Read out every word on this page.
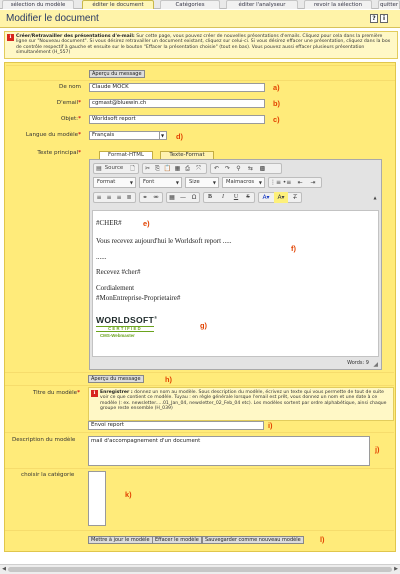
sélection du modèle	éditer le document	Catégories	éditer l'analyseur	revoir la sélection	quitter
Modifier le document	?	i
i Créer/Retravailler des présentations d'e-mail: Sur cette page, vous pouvez créer de nouvelles présentations d'emails. Cliquez pour cela dans la première ligne sur "Nouveau document". Si vous désirez retravailler un document existant, cliquez sur celui-ci. Si vous désirez effacer une présentation, cliquez dans la box de contrôle respectif à gauche et ensuite sur le bouton "Effacer la présentation choisie" (tout en bas). Vous pouvez aussi effacer plusieurs présentation simultanément (H_557)
Aperçu du message
De nom	Claude MOCK	a)
D'email*	cgmast@bluewin.ch	b)
Objet:*	Worldsoft report	c)
Langue du modèle*	Français	▼ d)
Texte principal*	Format-HTML	Texte-Format
▤ Source	🗋	✂ ⎘ 📋 ▦ ⎙	⤧	↶ ↷	⚲	⇆	▩
Format	▼	Font	▼	Size	▼	Maimacros ▼ ⋮≡ •≡	⇤	⇥
≡ ≡ ≡ ≣	⚭ ⚮	▦ — Ω	B	I	U	S	A▾	A▾	T̶	▲
#CHER#
Vous recevez aujourd'hui le Worldsoft report .....
......
Recevez #cher#
Cordialement
#MonEntreprise-Proprietaire#
WORLDSOFT®
CERTIFIED
CMS-Webmaster
e)
f)
g)
Words: 9 ◢
Aperçu du message	h)
Titre du modèle*	i Enregistrer : donnez un nom au modèle. Sous description du modèle, écrivez un texte qui vous permette de tout de suite voir ce que contient ce modèle. Tuyau : en règle générale lorsque l'email est prêt, vous donnez un nom et une date à ce modèle (: ex. newsletter.....01_Jan_04, newsletter_02_Feb_04 etc). Les modèles sortent par ordre alphabétique, ainsi chaque groupe reste ensemble (H_039)
Envoi report	i)
Description du modèle	mail d'accompagnement d'un document
j)
choisir la catégorie
k)
Mettre à jour le modèle	Effacer le modèle	Sauvegarder comme nouveau modèle	l)
◀	▶
